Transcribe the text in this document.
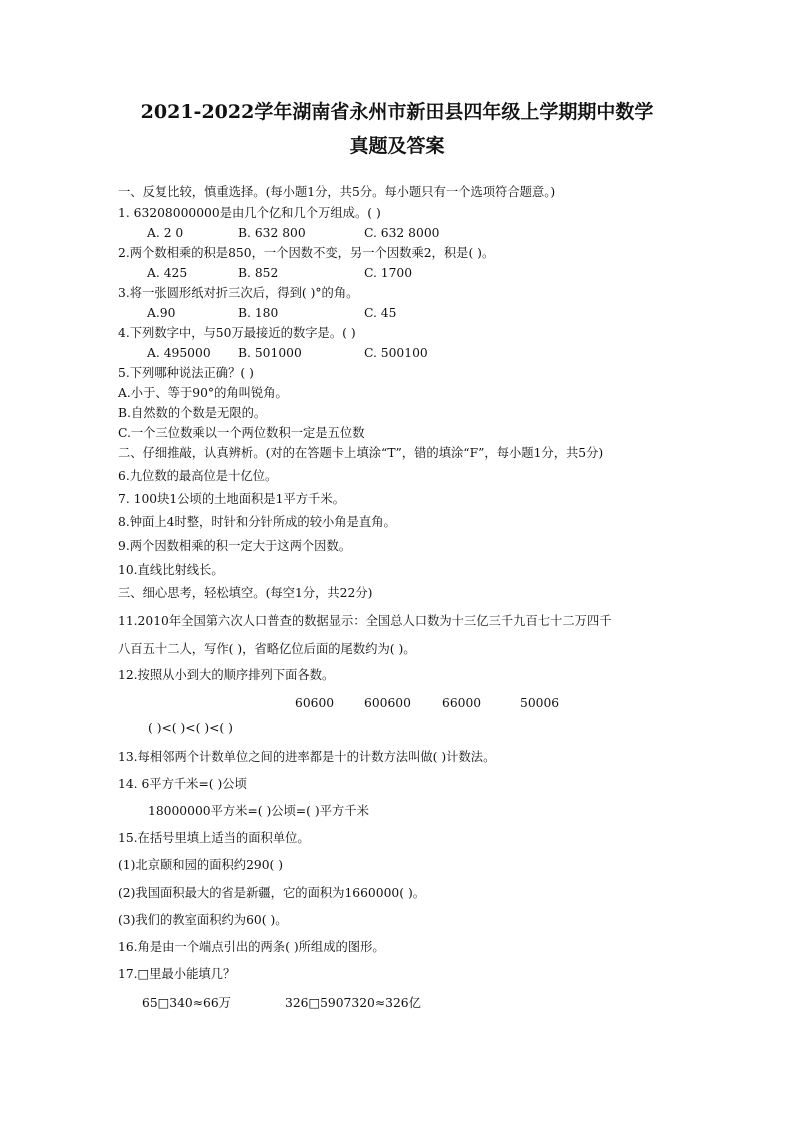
2021-2022学年湖南省永州市新田县四年级上学期期中数学
真题及答案
一、反复比较，慎重选择。(每小题1分，共5分。每小题只有一个选项符合题意。)
1. 63208000000是由几个亿和几个万组成。( )
A. 2 0	B. 632 800	C. 632 8000
2.两个数相乘的积是850，一个因数不变，另一个因数乘2，积是( )。
A. 425	B. 852	C. 1700
3.将一张圆形纸对折三次后，得到( )°的角。
A.90	B. 180	C. 45
4.下列数字中，与50万最接近的数字是。( )
A. 495000 B. 501000	C. 500100
5.下列哪种说法正确？( )
A.小于、等于90°的角叫锐角。
B.自然数的个数是无限的。
C.一个三位数乘以一个两位数积一定是五位数
二、仔细推敲，认真辨析。(对的在答题卡上填涂“T”，错的填涂“F”，每小题1分，共5分)
6.九位数的最高位是十亿位。
7. 100块1公顷的土地面积是1平方千米。
8.钟面上4时整，时针和分针所成的较小角是直角。
9.两个因数相乘的积一定大于这两个因数。
10.直线比射线长。
三、细心思考，轻松填空。(每空1分，共22分)
11.2010年全国第六次人口普查的数据显示：全国总人口数为十三亿三千九百七十二万四千
八百五十二人，写作( )，省略亿位后面的尾数约为( )。
12.按照从小到大的顺序排列下面各数。
60600 600600	66000	50006
( )<( )<( )<( )
13.每相邻两个计数单位之间的进率都是十的计数方法叫做( )计数法。
14. 6平方千米=( )公顷
18000000平方米=( )公顷=( )平方千米
15.在括号里填上适当的面积单位。
(1)北京颐和园的面积约290( )
(2)我国面积最大的省是新疆，它的面积为1660000( )。
(3)我们的教室面积约为60( )。
16.角是由一个端点引出的两条( )所组成的图形。
17.□里最小能填几？
65□340≈66万	326□5907320≈326亿
